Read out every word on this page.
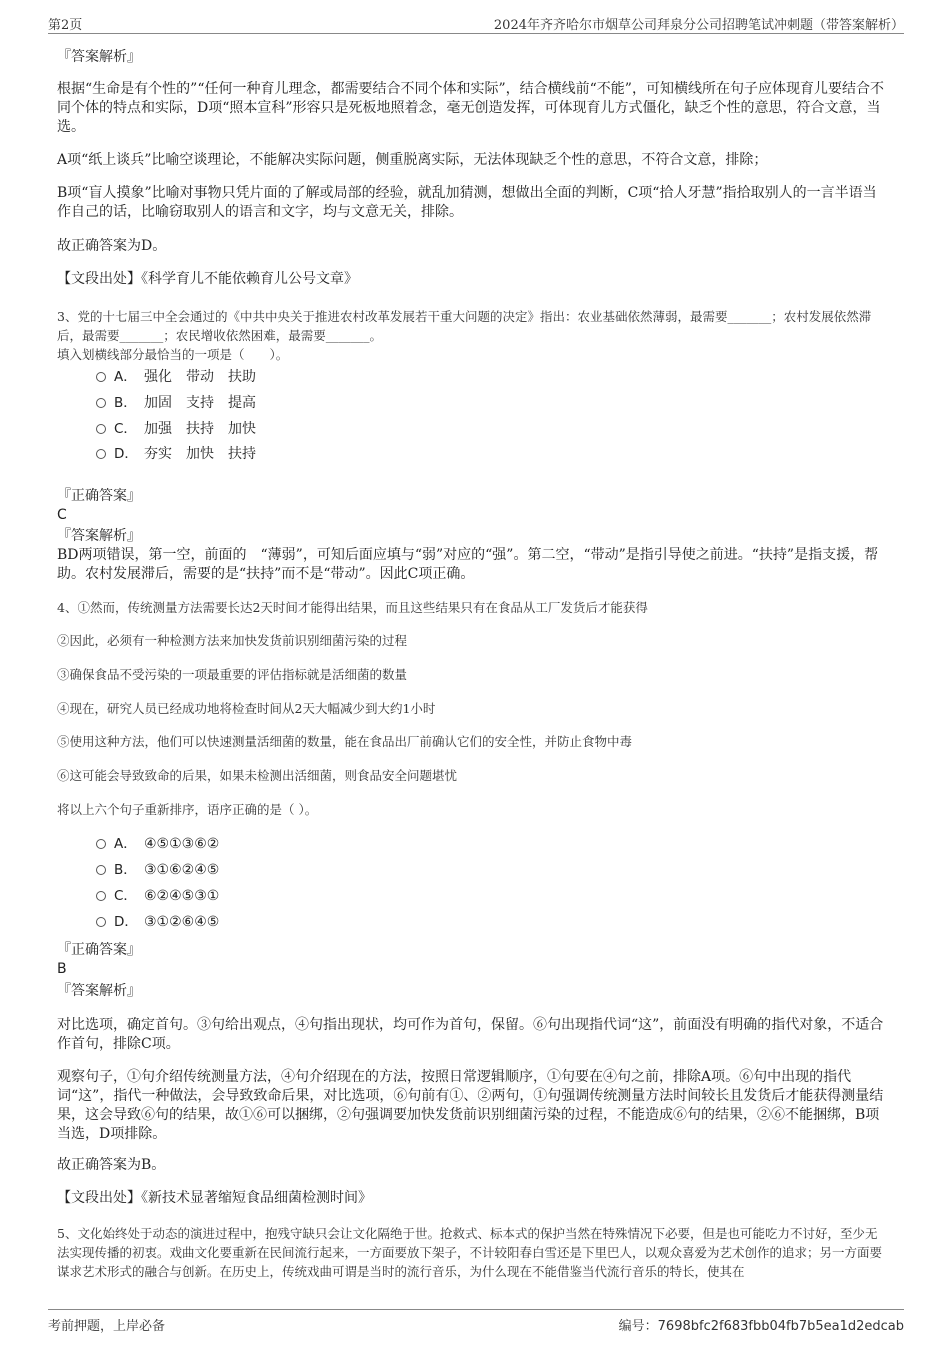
第2页	2024年齐齐哈尔市烟草公司拜泉分公司招聘笔试冲刺题（带答案解析）
『答案解析』
根据“生命是有个性的”“任何一种育儿理念，都需要结合不同个体和实际”，结合横线前“不能”，可知横线所在句子应体现育儿要结合不同个体的特点和实际，D项“照本宣科”形容只是死板地照着念，毫无创造发挥，可体现育儿方式僵化，缺乏个性的意思，符合文意，当选。
A项“纸上谈兵”比喻空谈理论，不能解决实际问题，侧重脱离实际，无法体现缺乏个性的意思，不符合文意，排除；
B项“盲人摸象”比喻对事物只凭片面的了解或局部的经验，就乱加猜测，想做出全面的判断，C项“拾人牙慧”指拾取别人的一言半语当作自己的话，比喻窃取别人的语言和文字，均与文意无关，排除。
故正确答案为D。
【文段出处】《科学育儿不能依赖育儿公号文章》
3、党的十七届三中全会通过的《中共中央关于推进农村改革发展若干重大问题的决定》指出：农业基础依然薄弱，最需要_______；农村发展依然滞后，最需要_______；农民增收依然困难，最需要_______。
填入划横线部分最恰当的一项是（　　）。
A． 强化　带动　扶助
B． 加固　支持　提高
C． 加强　扶持　加快
D． 夯实　加快　扶持
『正确答案』
C
『答案解析』
BD两项错误，第一空，前面的　“薄弱”，可知后面应填与“弱”对应的“强”。第二空，“带动”是指引导使之前进。“扶持”是指支援，帮助。农村发展滞后，需要的是“扶持”而不是“带动”。因此C项正确。
4、①然而，传统测量方法需要长达2天时间才能得出结果，而且这些结果只有在食品从工厂发货后才能获得
②因此，必须有一种检测方法来加快发货前识别细菌污染的过程
③确保食品不受污染的一项最重要的评估指标就是活细菌的数量
④现在，研究人员已经成功地将检查时间从2天大幅减少到大约1小时
⑤使用这种方法，他们可以快速测量活细菌的数量，能在食品出厂前确认它们的安全性，并防止食物中毒
⑥这可能会导致致命的后果，如果未检测出活细菌，则食品安全问题堪忧
将以上六个句子重新排序，语序正确的是（ ）。
A． ④⑤①③⑥②
B． ③①⑥②④⑤
C． ⑥②④⑤③①
D． ③①②⑥④⑤
『正确答案』
B
『答案解析』
对比选项，确定首句。③句给出观点，④句指出现状，均可作为首句，保留。⑥句出现指代词“这”，前面没有明确的指代对象，不适合作首句，排除C项。
观察句子，①句介绍传统测量方法，④句介绍现在的方法，按照日常逻辑顺序，①句要在④句之前，排除A项。⑥句中出现的指代词“这”，指代一种做法，会导致致命后果，对比选项，⑥句前有①、②两句，①句强调传统测量方法时间较长且发货后才能获得测量结果，这会导致⑥句的结果，故①⑥可以捆绑，②句强调要加快发货前识别细菌污染的过程，不能造成⑥句的结果，②⑥不能捆绑，B项当选，D项排除。
故正确答案为B。
【文段出处】《新技术显著缩短食品细菌检测时间》
5、文化始终处于动态的演进过程中，抱残守缺只会让文化隔绝于世。抢救式、标本式的保护当然在特殊情况下必要，但是也可能吃力不讨好，至少无法实现传播的初衷。戏曲文化要重新在民间流行起来，一方面要放下架子，不计较阳春白雪还是下里巴人，以观众喜爱为艺术创作的追求；另一方面要谋求艺术形式的融合与创新。在历史上，传统戏曲可谓是当时的流行音乐，为什么现在不能借鉴当代流行音乐的特长，使其在
考前押题，上岸必备	编号：7698bfc2f683fbb04fb7b5ea1d2edcab
